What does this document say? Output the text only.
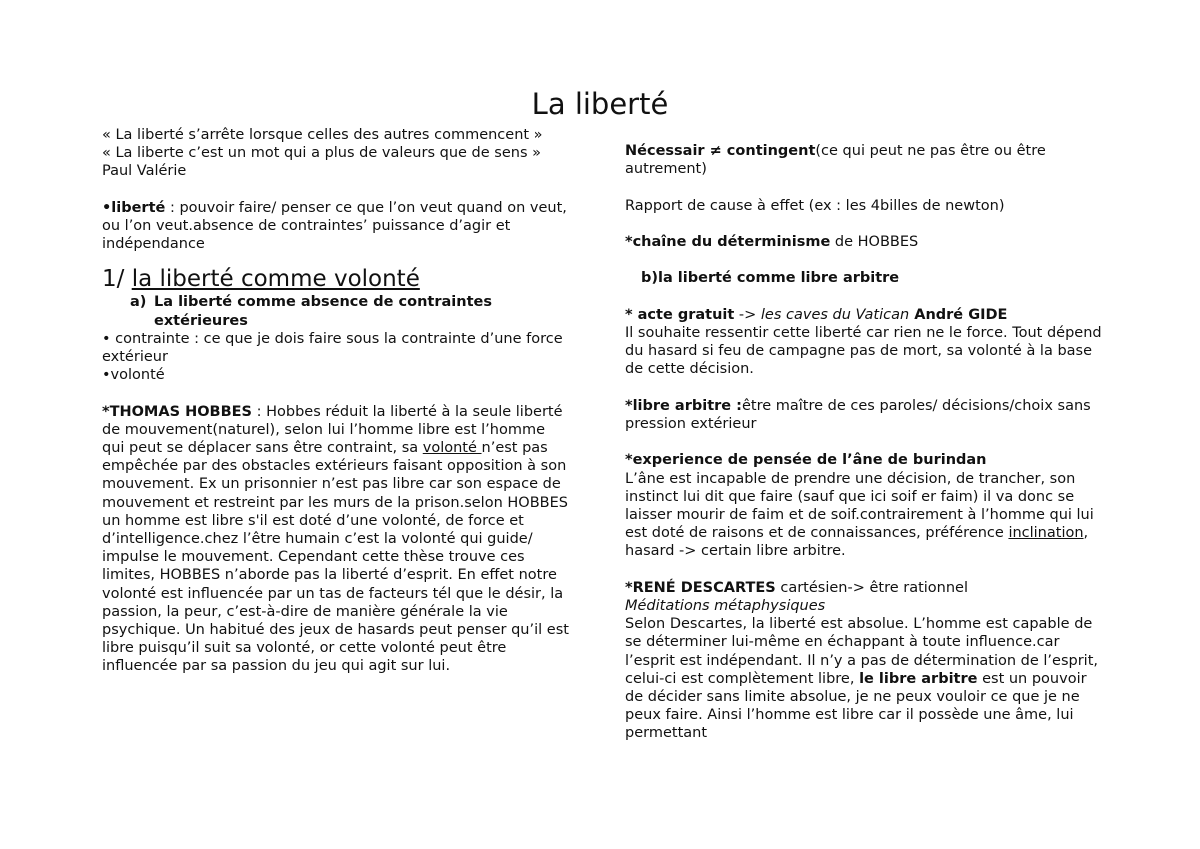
La liberté

« La liberté s’arrête lorsque celles des autres commencent »

« La liberte c’est un mot qui a plus de valeurs que de sens » Paul Valérie

•liberté : pouvoir faire/ penser ce que l’on veut quand on veut, ou l’on veut.absence de contraintes’ puissance d’agir et indépendance

1/ la liberté comme volonté

a) La liberté comme absence de contraintes
extérieures

• contrainte : ce que je dois faire sous la contrainte d’une force extérieur

•volonté

*THOMAS HOBBES : Hobbes réduit la liberté à la seule liberté de mouvement(naturel), selon lui l’homme libre est l’homme qui peut se déplacer sans être contraint, sa volonté n’est pas empêchée par des obstacles extérieurs faisant opposition à son mouvement. Ex un prisonnier n’est pas libre car son espace de mouvement et restreint par les murs de la prison.selon HOBBES un homme est libre s'il est doté d’une volonté, de force et d’intelligence.chez l’être humain c’est la volonté qui guide/ impulse le mouvement. Cependant cette thèse trouve ces limites, HOBBES n’aborde pas la liberté d’esprit. En effet notre volonté est influencée par un tas de facteurs tél que le désir, la passion, la peur, c’est-à-dire de manière générale la vie psychique. Un habitué des jeux de hasards peut penser qu’il est libre puisqu’il suit sa volonté, or cette volonté peut être influencée par sa passion du jeu qui agit sur lui.

Nécessair ≠ contingent(ce qui peut ne pas être ou être autrement)

Rapport de cause à effet (ex : les 4billes de newton)

*chaîne du déterminisme de HOBBES

b)la liberté comme libre arbitre

* acte gratuit -> les caves du Vatican André GIDE

Il souhaite ressentir cette liberté car rien ne le force. Tout dépend du hasard si feu de campagne pas de mort, sa volonté à la base de cette décision.

*libre arbitre :être maître de ces paroles/ décisions/choix sans pression extérieur

*experience de pensée de l’âne de burindan

L’âne est incapable de prendre une décision, de trancher, son instinct lui dit que faire (sauf que ici soif er faim) il va donc se laisser mourir de faim et de soif.contrairement à l’homme qui lui est doté de raisons et de connaissances, préférence inclination, hasard -> certain libre arbitre.

*RENÉ DESCARTES cartésien-> être rationnel

Méditations métaphysiques

Selon Descartes, la liberté est absolue. L’homme est capable de se déterminer lui-même en échappant à toute influence.car l’esprit est indépendant. Il n’y a pas de détermination de l’esprit, celui-ci est complètement libre, le libre arbitre est un pouvoir de décider sans limite absolue, je ne peux vouloir ce que je ne peux faire. Ainsi l’homme est libre car il possède une âme, lui permettant
